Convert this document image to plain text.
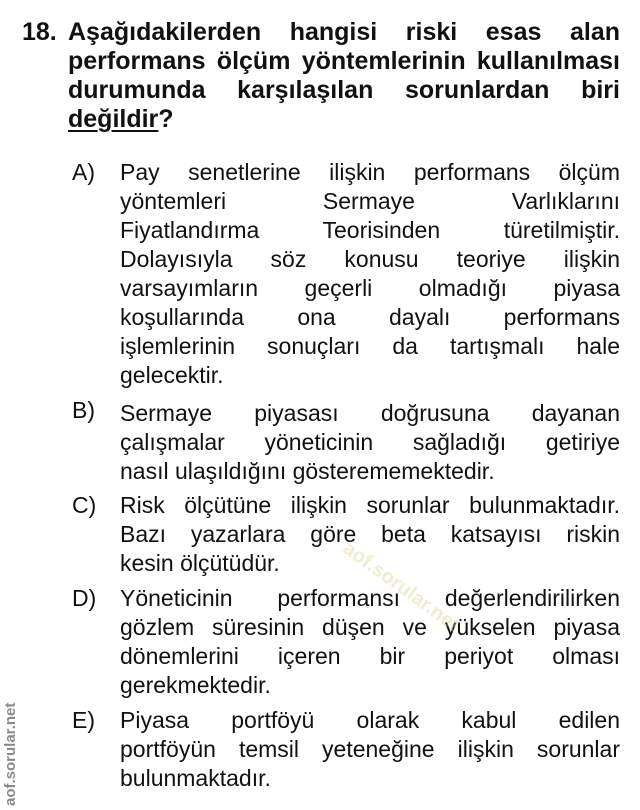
18. Aşağıdakilerden hangisi riski esas alan
performans ölçüm yöntemlerinin kullanılması
durumunda karşılaşılan sorunlardan biri
değildir?
A) Pay senetlerine ilişkin performans ölçüm
yöntemleri Sermaye Varlıklarını
Fiyatlandırma Teorisinden türetilmiştir.
Dolayısıyla söz konusu teoriye ilişkin
varsayımların geçerli olmadığı piyasa
koşullarında ona dayalı performans
işlemlerinin sonuçları da tartışmalı hale
gelecektir.
B) Sermaye piyasası doğrusuna dayanan
çalışmalar yöneticinin sağladığı getiriye
nasıl ulaşıldığını gösterememektedir.
C) Risk ölçütüne ilişkin sorunlar bulunmaktadır.
Bazı yazarlara göre beta katsayısı riskin
kesin ölçütüdür.
D) Yöneticinin performansı değerlendirilirken
gözlem süresinin düşen ve yükselen piyasa
dönemlerini içeren bir periyot olması
gerekmektedir.
E) Piyasa portföyü olarak kabul edilen
portföyün temsil yeteneğine ilişkin sorunlar
bulunmaktadır.
aof.sorular.net
aof.sorular.net
